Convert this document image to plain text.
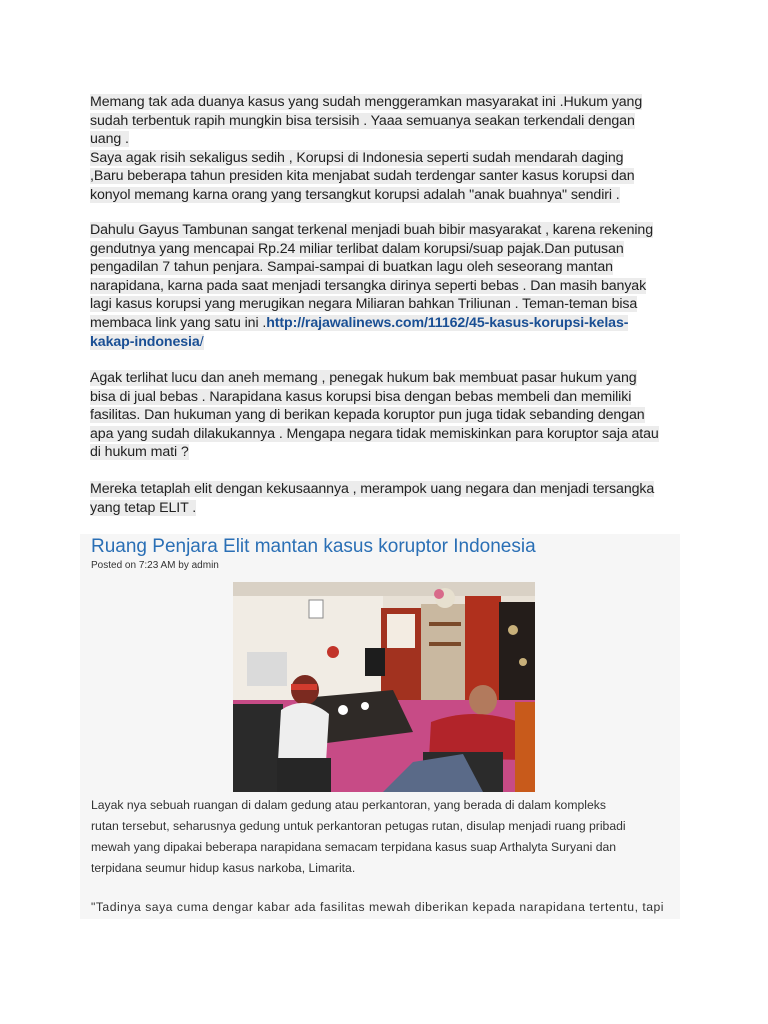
Memang tak ada duanya kasus yang sudah menggeramkan masyarakat ini .Hukum yang
sudah terbentuk rapih mungkin bisa tersisih . Yaaa semuanya seakan terkendali dengan
uang .
Saya agak risih sekaligus sedih , Korupsi di Indonesia seperti sudah mendarah daging
,Baru beberapa tahun presiden kita menjabat sudah terdengar santer kasus korupsi dan
konyol memang karna orang yang tersangkut korupsi adalah "anak buahnya" sendiri .
Dahulu Gayus Tambunan sangat terkenal menjadi buah bibir masyarakat , karena rekening
gendutnya yang mencapai Rp.24 miliar terlibat dalam korupsi/suap pajak.Dan putusan
pengadilan 7 tahun penjara. Sampai-sampai di buatkan lagu oleh seseorang mantan
narapidana, karna pada saat menjadi tersangka dirinya seperti bebas . Dan masih banyak
lagi kasus korupsi yang merugikan negara Miliaran bahkan Triliunan . Teman-teman bisa
membaca link yang satu ini .http://rajawalinews.com/11162/45-kasus-korupsi-kelas-
kakap-indonesia/
Agak terlihat lucu dan aneh memang , penegak hukum bak membuat pasar hukum yang
bisa di jual bebas . Narapidana kasus korupsi bisa dengan bebas membeli dan memiliki
fasilitas. Dan hukuman yang di berikan kepada koruptor pun juga tidak sebanding dengan
apa yang sudah dilakukannya . Mengapa negara tidak memiskinkan para koruptor saja atau
di hukum mati ?
Mereka tetaplah elit dengan kekusaannya , merampok uang negara dan menjadi tersangka
yang tetap ELIT .
Ruang Penjara Elit mantan kasus koruptor Indonesia
Posted on 7:23 AM by admin
Layak nya sebuah ruangan di dalam gedung atau perkantoran, yang berada di dalam kompleks
rutan tersebut, seharusnya gedung untuk perkantoran petugas rutan, disulap menjadi ruang pribadi
mewah yang dipakai beberapa narapidana semacam terpidana kasus suap Arthalyta Suryani dan
terpidana seumur hidup kasus narkoba, Limarita.
"Tadinya saya cuma dengar kabar ada fasilitas mewah diberikan kepada narapidana tertentu, tapi
